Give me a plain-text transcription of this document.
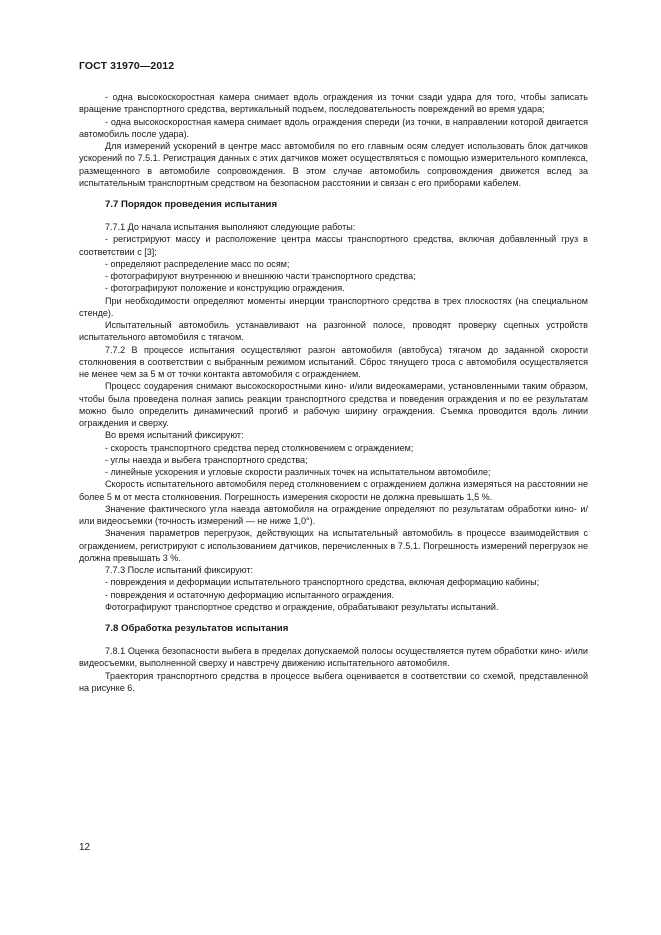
ГОСТ 31970—2012

- одна высокоскоростная камера снимает вдоль ограждения из точки сзади удара для того, чтобы записать вращение транспортного средства, вертикальный подъем, последовательность повреждений во время удара;

- одна высокоскоростная камера снимает вдоль ограждения спереди (из точки, в направлении которой двигается автомобиль после удара).

Для измерений ускорений в центре масс автомобиля по его главным осям следует использовать блок датчиков ускорений по 7.5.1. Регистрация данных с этих датчиков может осуществляться с помощью измерительного комплекса, размещенного в автомобиле сопровождения. В этом случае автомобиль сопровождения движется вслед за испытательным транспортным средством на безопасном расстоянии и связан с его приборами кабелем.

7.7 Порядок проведения испытания

7.7.1 До начала испытания выполняют следующие работы:

- регистрируют массу и расположение центра массы транспортного средства, включая добавленный груз в соответствии с [3];

- определяют распределение масс по осям;

- фотографируют внутреннюю и внешнюю части транспортного средства;

- фотографируют положение и конструкцию ограждения.

При необходимости определяют моменты инерции транспортного средства в трех плоскостях (на специальном стенде).

Испытательный автомобиль устанавливают на разгонной полосе, проводят проверку сцепных устройств испытательного автомобиля с тягачом.

7.7.2 В процессе испытания осуществляют разгон автомобиля (автобуса) тягачом до заданной скорости столкновения в соответствии с выбранным режимом испытаний. Сброс тянущего троса с автомобиля осуществляется не менее чем за 5 м от точки контакта автомобиля с ограждением.

Процесс соударения снимают высокоскоростными кино- и/или видеокамерами, установленными таким образом, чтобы была проведена полная запись реакции транспортного средства и поведения ограждения и по ее результатам можно было определить динамический прогиб и рабочую ширину ограждения. Съемка проводится вдоль линии ограждения и сверху.

Во время испытаний фиксируют:

- скорость транспортного средства перед столкновением с ограждением;

- углы наезда и выбега транспортного средства;

- линейные ускорения и угловые скорости различных точек на испытательном автомобиле;

Скорость испытательного автомобиля перед столкновением с ограждением должна измеряться на расстоянии не более 5 м от места столкновения. Погрешность измерения скорости не должна превышать 1,5 %.

Значение фактического угла наезда автомобиля на ограждение определяют по результатам обработки кино- и/или видеосъемки (точность измерений — не ниже 1,0°).

Значения параметров перегрузок, действующих на испытательный автомобиль в процессе взаимодействия с ограждением, регистрируют с использованием датчиков, перечисленных в 7.5.1. Погрешность измерений перегрузок не должна превышать 3 %.

7.7.3 После испытаний фиксируют:

- повреждения и деформации испытательного транспортного средства, включая деформацию кабины;

- повреждения и остаточную деформацию испытанного ограждения.

Фотографируют транспортное средство и ограждение, обрабатывают результаты испытаний.

7.8 Обработка результатов испытания

7.8.1 Оценка безопасности выбега в пределах допускаемой полосы осуществляется путем обработки кино- и/или видеосъемки, выполненной сверху и навстречу движению испытательного автомобиля.

Траектория транспортного средства в процессе выбега оценивается в соответствии со схемой, представленной на рисунке 6.

12
